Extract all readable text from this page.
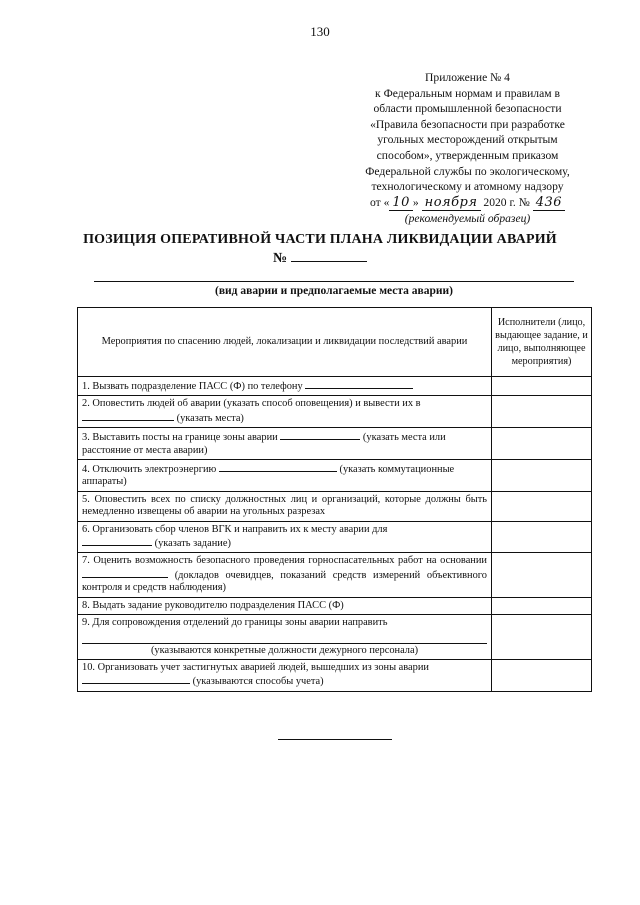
130
Приложение № 4
к Федеральным нормам и правилам в
области промышленной безопасности
«Правила безопасности при разработке
угольных месторождений открытым
способом», утвержденным приказом
Федеральной службы по экологическому,
технологическому и атомному надзору
от « 10 » ноября 2020 г. № 436
(рекомендуемый образец)
ПОЗИЦИЯ ОПЕРАТИВНОЙ ЧАСТИ ПЛАНА ЛИКВИДАЦИИ АВАРИЙ
№
(вид аварии и предполагаемые места аварии)
Мероприятия по спасению людей, локализации и ликвидации последствий аварии	Исполнители (лицо, выдающее задание, и лицо, выполняющее мероприятия)
1. Вызвать подразделение ПАСС (Ф) по телефону	
2. Оповестить людей об аварии (указать способ оповещения) и вывести их в
(указать места)	
3. Выставить посты на границе зоны аварии (указать места или расстояние от места аварии)	
4. Отключить электроэнергию (указать коммутационные аппараты)	
5. Оповестить всех по списку должностных лиц и организаций, которые должны быть немедленно извещены об аварии на угольных разрезах	
6. Организовать сбор членов ВГК и направить их к месту аварии для
(указать задание)	
7. Оценить возможность безопасного проведения горноспасательных работ на основании  (докладов очевидцев, показаний средств измерений объективного контроля и средств наблюдения)	
8. Выдать задание руководителю подразделения ПАСС (Ф)	
9. Для сопровождения отделений до границы зоны аварии направить
(указываются конкретные должности дежурного персонала)	

10. Организовать учет застигнутых аварией людей, вышедших из зоны аварии
(указываются способы учета)	
